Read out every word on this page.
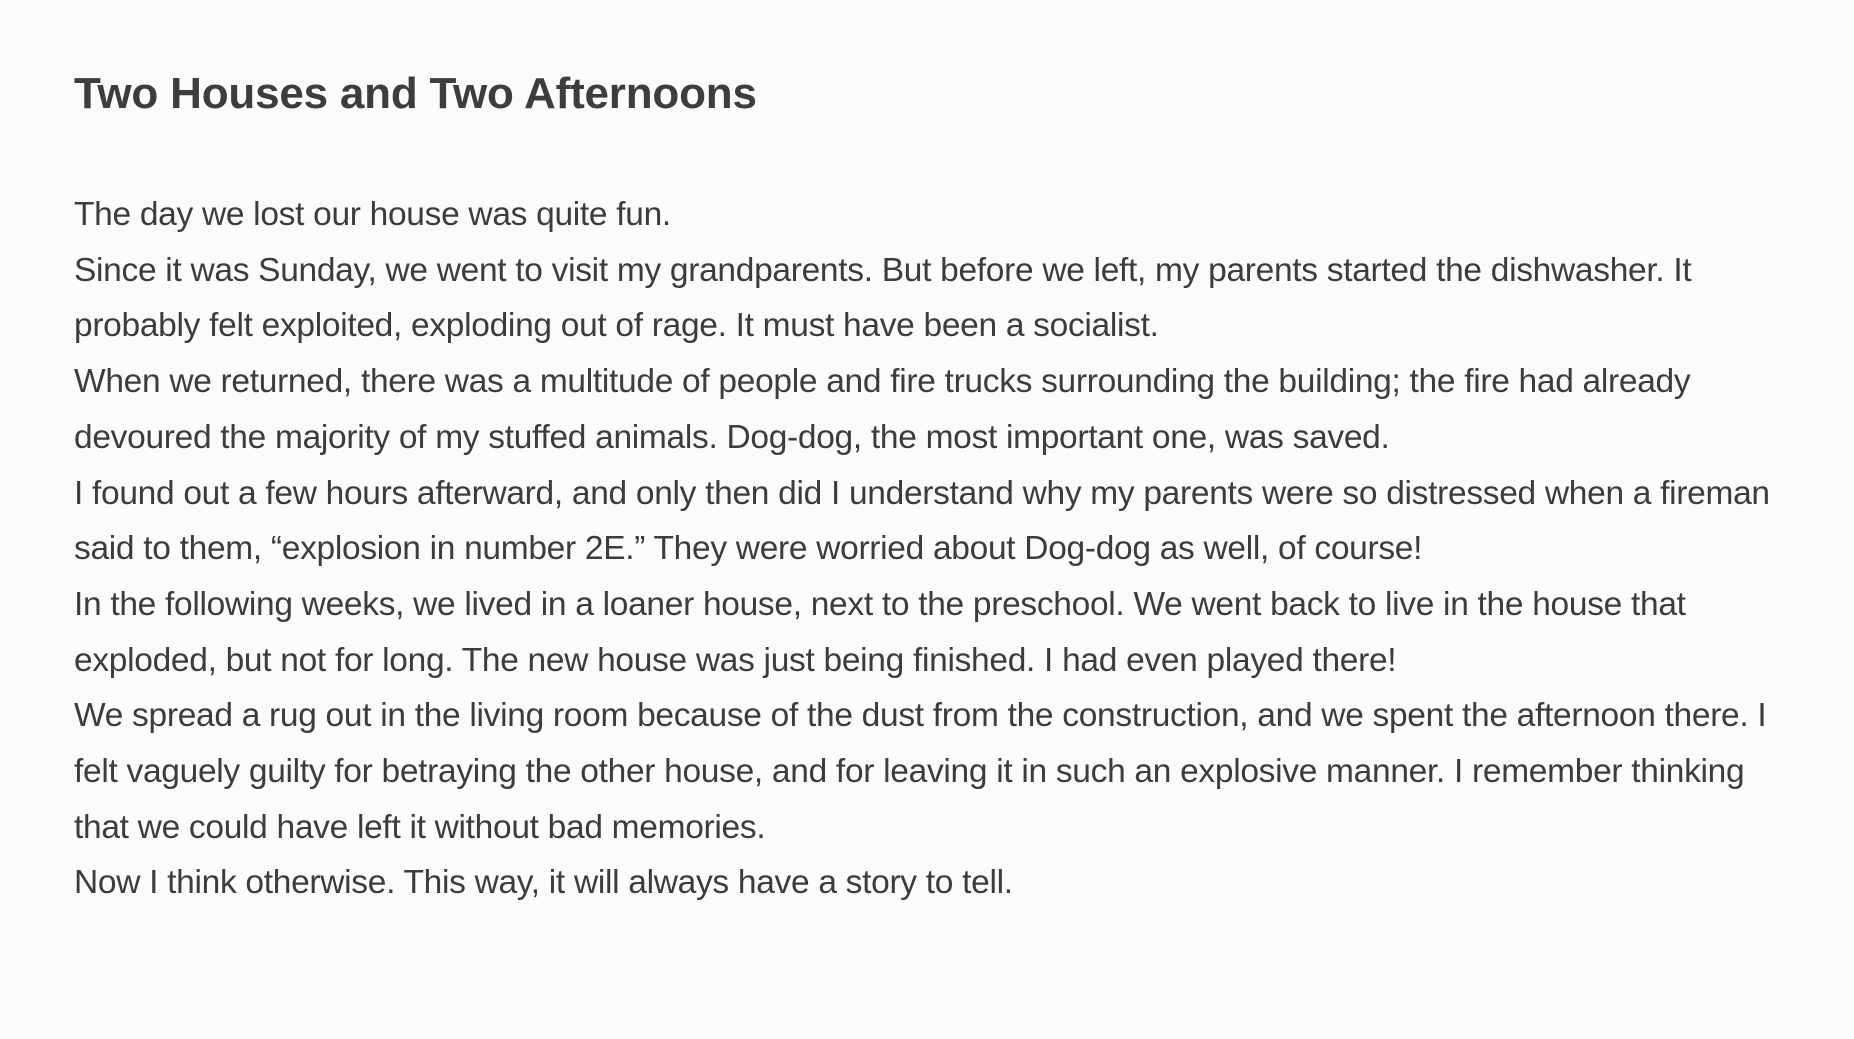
Two Houses and Two Afternoons

The day we lost our house was quite fun.

Since it was Sunday, we went to visit my grandparents. But before we left, my parents started the dishwasher. It probably felt exploited, exploding out of rage. It must have been a socialist.

When we returned, there was a multitude of people and fire trucks surrounding the building; the fire had already devoured the majority of my stuffed animals. Dog-dog, the most important one, was saved.

I found out a few hours afterward, and only then did I understand why my parents were so distressed when a fireman said to them, “explosion in number 2E.” They were worried about Dog-dog as well, of course!

In the following weeks, we lived in a loaner house, next to the preschool. We went back to live in the house that exploded, but not for long. The new house was just being finished. I had even played there!

We spread a rug out in the living room because of the dust from the construction, and we spent the afternoon there. I felt vaguely guilty for betraying the other house, and for leaving it in such an explosive manner. I remember thinking that we could have left it without bad memories.

Now I think otherwise. This way, it will always have a story to tell.
